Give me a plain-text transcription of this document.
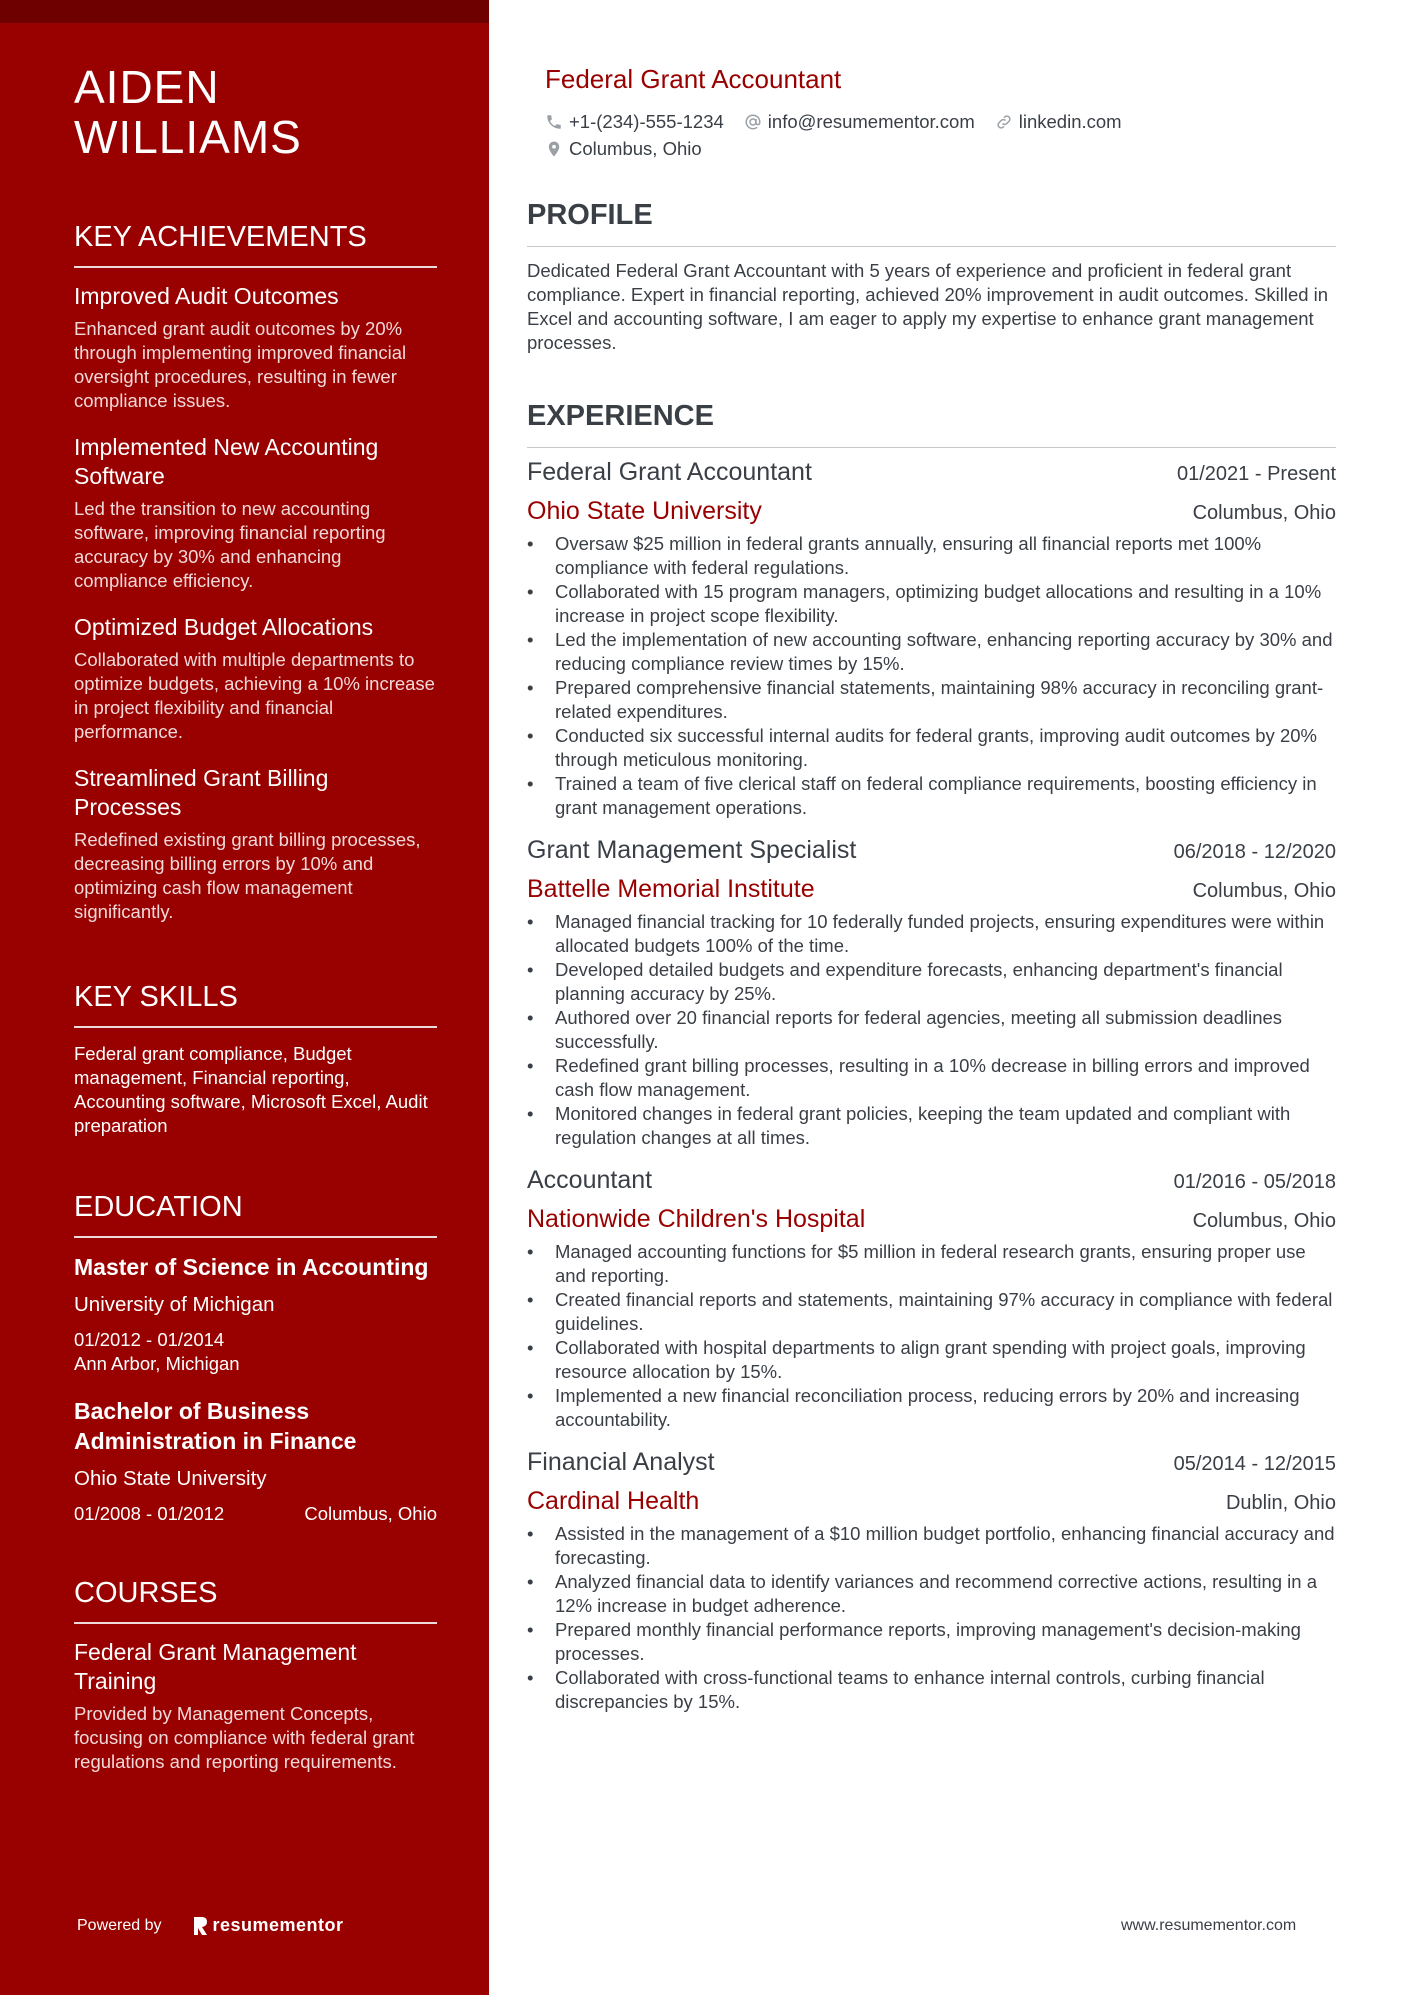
AIDEN
WILLIAMS
KEY ACHIEVEMENTS

Improved Audit Outcomes

Enhanced grant audit outcomes by 20% through implementing improved financial oversight procedures, resulting in fewer compliance issues.

Implemented New Accounting Software

Led the transition to new accounting software, improving financial reporting accuracy by 30% and enhancing compliance efficiency.

Optimized Budget Allocations

Collaborated with multiple departments to optimize budgets, achieving a 10% increase in project flexibility and financial performance.

Streamlined Grant Billing Processes

Redefined existing grant billing processes, decreasing billing errors by 10% and optimizing cash flow management significantly.

KEY SKILLS

Federal grant compliance, Budget management, Financial reporting, Accounting software, Microsoft Excel, Audit preparation

EDUCATION

Master of Science in Accounting

University of Michigan

01/2012 - 01/2014

Ann Arbor, Michigan

Bachelor of Business Administration in Finance

Ohio State University

01/2008 - 01/2012	Columbus, Ohio
COURSES

Federal Grant Management Training

Provided by Management Concepts, focusing on compliance with federal grant regulations and reporting requirements.

Powered by	resumementor

Federal Grant Accountant

+1-(234)-555-1234 info@resumementor.com linkedin.com
Columbus, Ohio
PROFILE

Dedicated Federal Grant Accountant with 5 years of experience and proficient in federal grant compliance. Expert in financial reporting, achieved 20% improvement in audit outcomes. Skilled in Excel and accounting software, I am eager to apply my expertise to enhance grant management processes.

EXPERIENCE
Federal Grant Accountant	01/2021 - Present
Ohio State University	Columbus, Ohio
• Oversaw $25 million in federal grants annually, ensuring all financial reports met 100% compliance with federal regulations.
• Collaborated with 15 program managers, optimizing budget allocations and resulting in a 10% increase in project scope flexibility.
• Led the implementation of new accounting software, enhancing reporting accuracy by 30% and reducing compliance review times by 15%.
• Prepared comprehensive financial statements, maintaining 98% accuracy in reconciling grant-related expenditures.
• Conducted six successful internal audits for federal grants, improving audit outcomes by 20% through meticulous monitoring.
• Trained a team of five clerical staff on federal compliance requirements, boosting efficiency in grant management operations.
Grant Management Specialist	06/2018 - 12/2020
Battelle Memorial Institute	Columbus, Ohio
• Managed financial tracking for 10 federally funded projects, ensuring expenditures were within allocated budgets 100% of the time.
• Developed detailed budgets and expenditure forecasts, enhancing department's financial planning accuracy by 25%.
• Authored over 20 financial reports for federal agencies, meeting all submission deadlines successfully.
• Redefined grant billing processes, resulting in a 10% decrease in billing errors and improved cash flow management.
• Monitored changes in federal grant policies, keeping the team updated and compliant with regulation changes at all times.
Accountant	01/2016 - 05/2018
Nationwide Children's Hospital	Columbus, Ohio
• Managed accounting functions for $5 million in federal research grants, ensuring proper use and reporting.
• Created financial reports and statements, maintaining 97% accuracy in compliance with federal guidelines.
• Collaborated with hospital departments to align grant spending with project goals, improving resource allocation by 15%.
• Implemented a new financial reconciliation process, reducing errors by 20% and increasing accountability.
Financial Analyst	05/2014 - 12/2015
Cardinal Health	Dublin, Ohio
• Assisted in the management of a $10 million budget portfolio, enhancing financial accuracy and forecasting.
• Analyzed financial data to identify variances and recommend corrective actions, resulting in a 12% increase in budget adherence.
• Prepared monthly financial performance reports, improving management's decision-making processes.
• Collaborated with cross-functional teams to enhance internal controls, curbing financial discrepancies by 15%.
www.resumementor.com
